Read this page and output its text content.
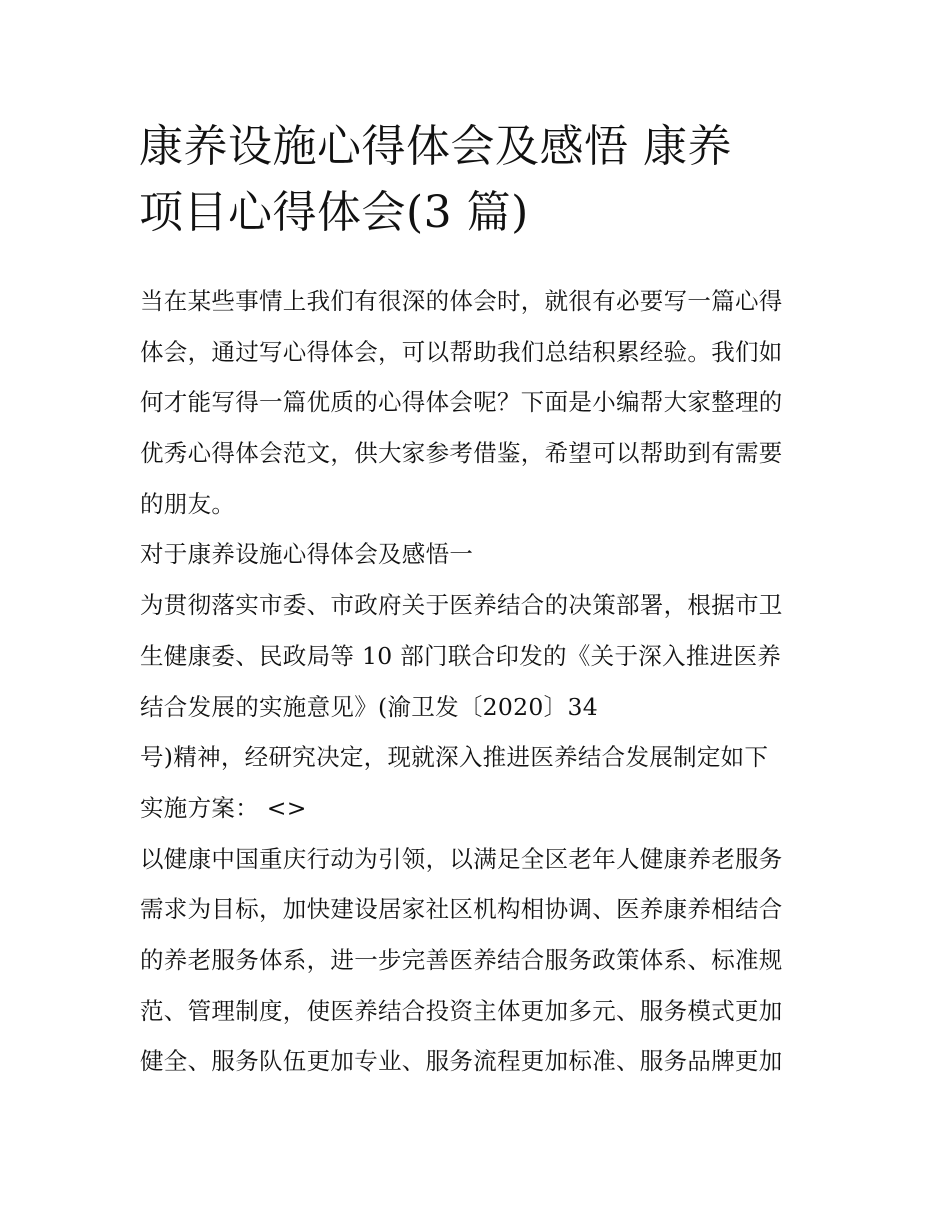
康养设施心得体会及感悟 康养
项目心得体会(3 篇)

当在某些事情上我们有很深的体会时，就很有必要写一篇心得

体会，通过写心得体会，可以帮助我们总结积累经验。我们如

何才能写得一篇优质的心得体会呢？下面是小编帮大家整理的

优秀心得体会范文，供大家参考借鉴，希望可以帮助到有需要

的朋友。

对于康养设施心得体会及感悟一

为贯彻落实市委、市政府关于医养结合的决策部署，根据市卫

生健康委、民政局等 10 部门联合印发的《关于深入推进医养

结合发展的实施意见》(渝卫发〔2020〕34

号)精神，经研究决定，现就深入推进医养结合发展制定如下

实施方案： <>

以健康中国重庆行动为引领，以满足全区老年人健康养老服务

需求为目标，加快建设居家社区机构相协调、医养康养相结合

的养老服务体系，进一步完善医养结合服务政策体系、标准规

范、管理制度，使医养结合投资主体更加多元、服务模式更加

健全、服务队伍更加专业、服务流程更加标准、服务品牌更加
